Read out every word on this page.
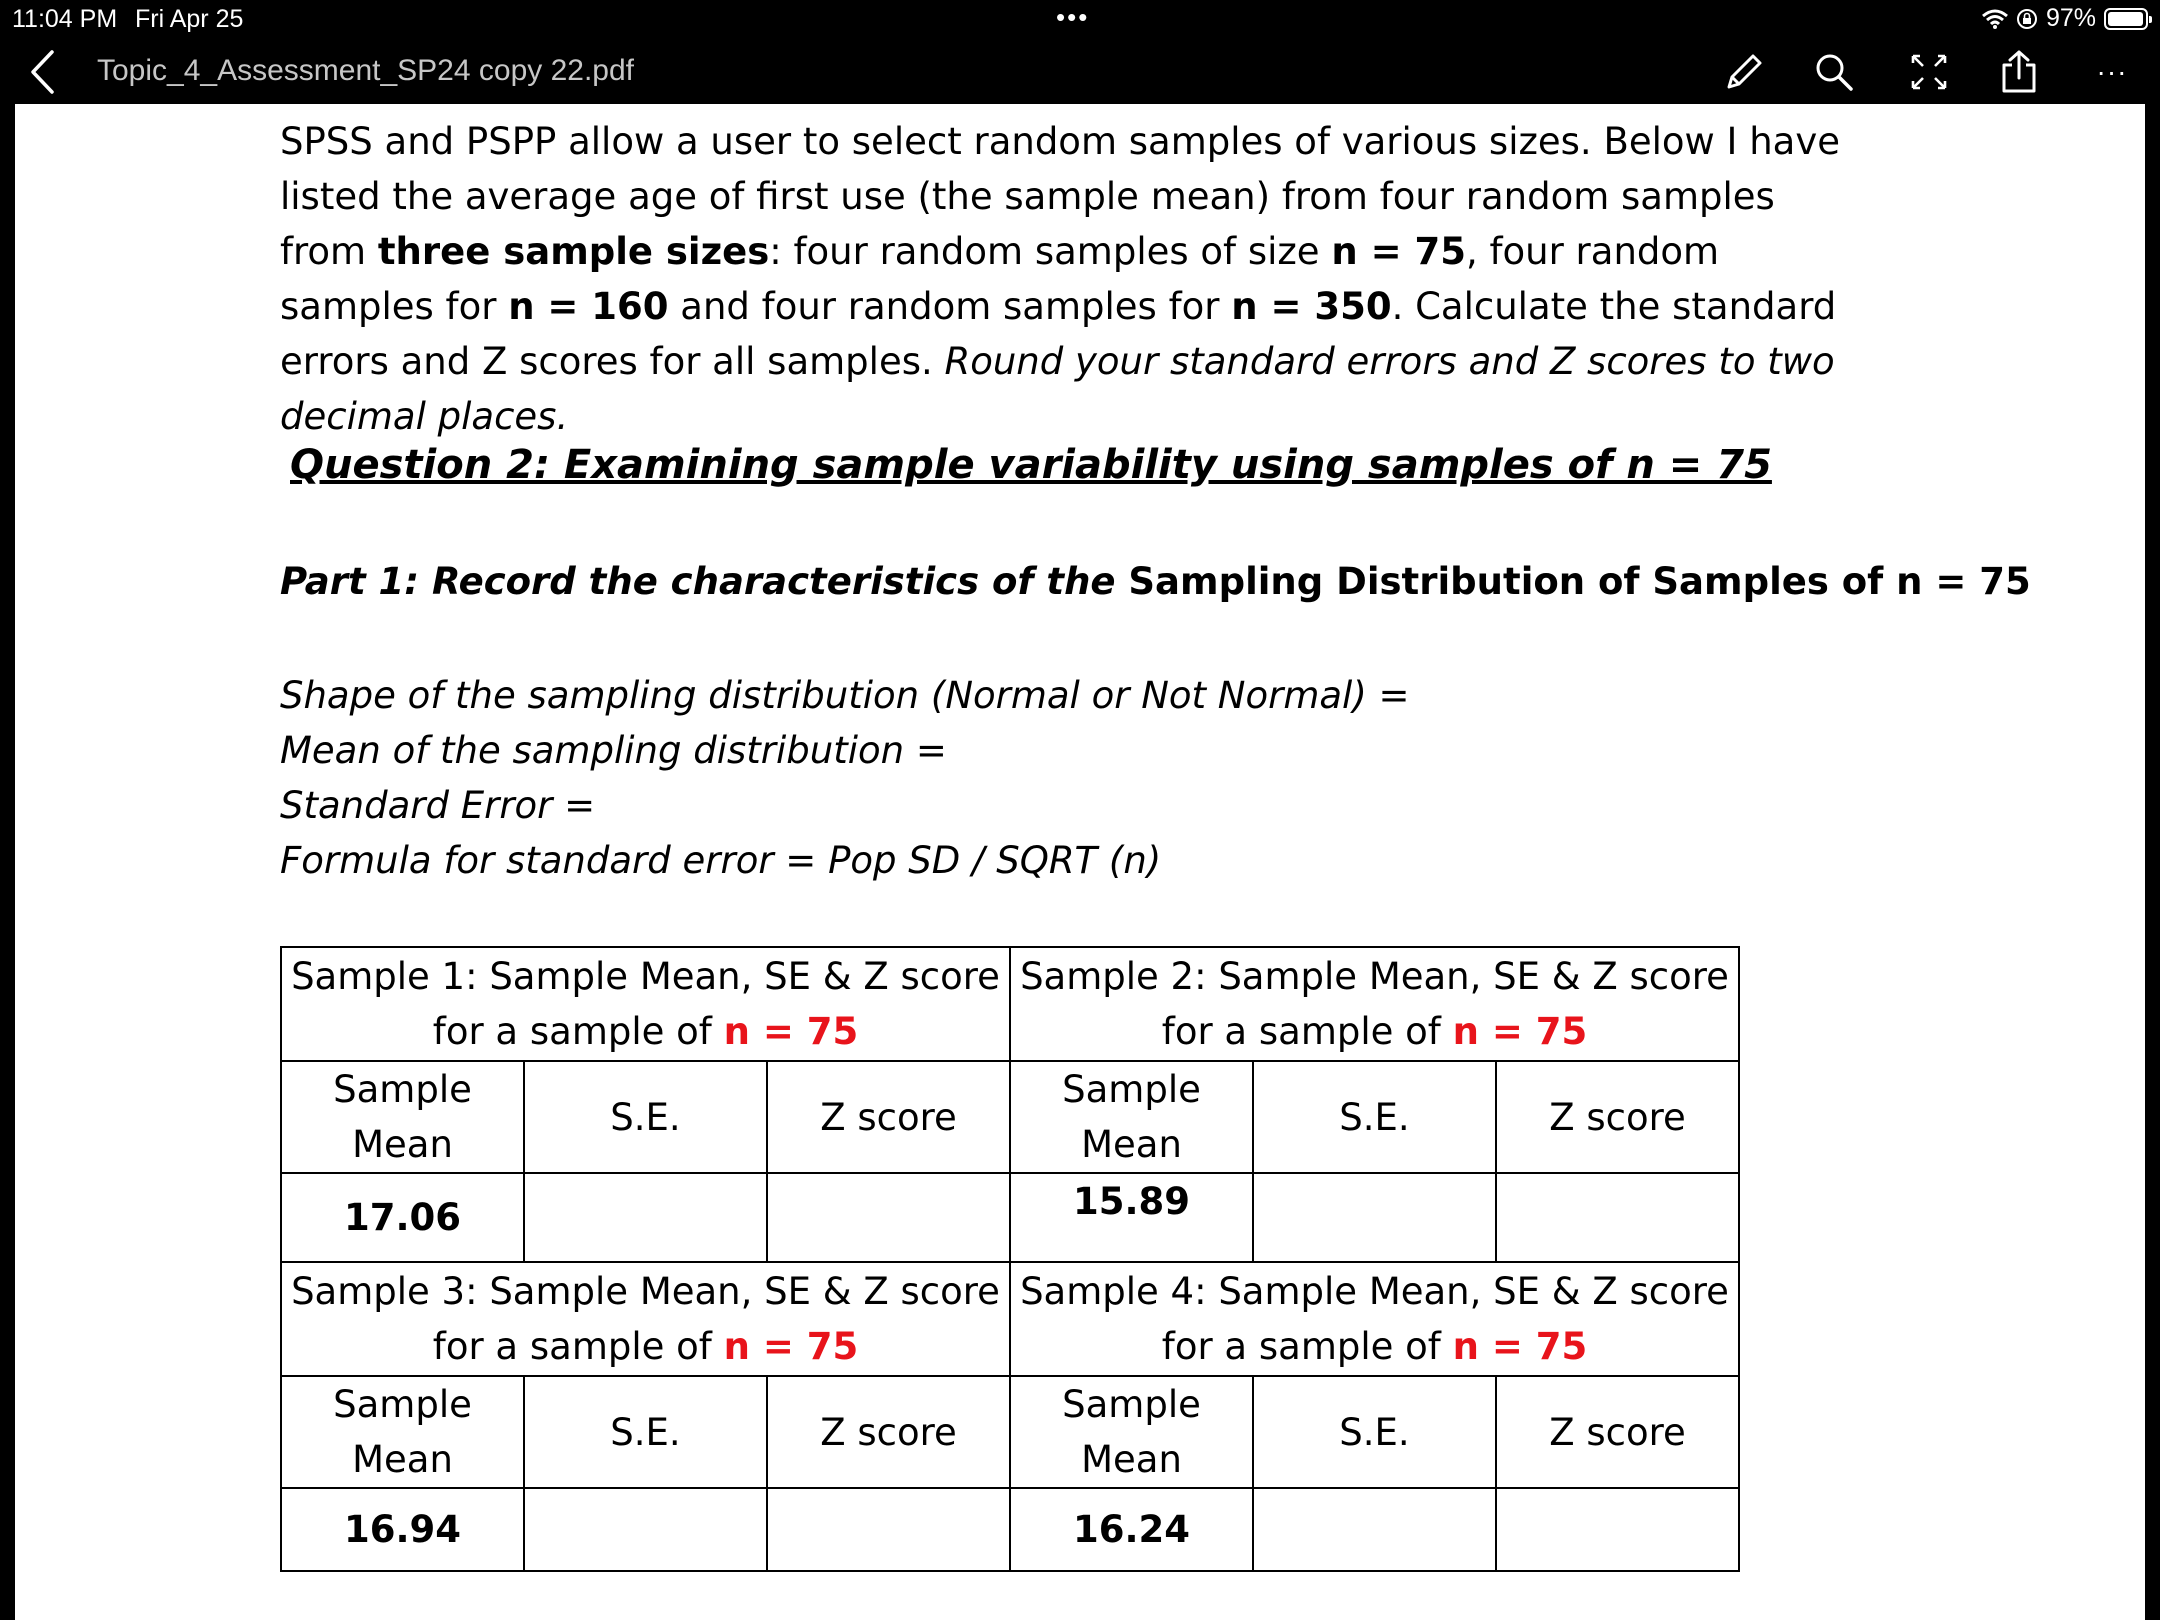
11:04 PM Fri Apr 25	•••	97%
Topic_4_Assessment_SP24 copy 22.pdf	···
SPSS and PSPP allow a user to select random samples of various sizes. Below I have listed the average age of first use (the sample mean) from four random samples from three sample sizes: four random samples of size n = 75, four random samples for n = 160 and four random samples for n = 350. Calculate the standard errors and Z scores for all samples. Round your standard errors and Z scores to two decimal places.
Question 2: Examining sample variability using samples of n = 75
Part 1: Record the characteristics of the Sampling Distribution of Samples of n = 75
Shape of the sampling distribution (Normal or Not Normal) =
Mean of the sampling distribution =
Standard Error =
Formula for standard error = Pop SD / SQRT (n)
Sample 1: Sample Mean, SE & Z score for a sample of n = 75			Sample 2: Sample Mean, SE & Z score for a sample of n = 75		
Sample Mean	S.E.	Z score	Sample Mean	S.E.	Z score
17.06			15.89		
Sample 3: Sample Mean, SE & Z score for a sample of n = 75			Sample 4: Sample Mean, SE & Z score for a sample of n = 75		
Sample Mean	S.E.	Z score	Sample Mean	S.E.	Z score
16.94			16.24		
